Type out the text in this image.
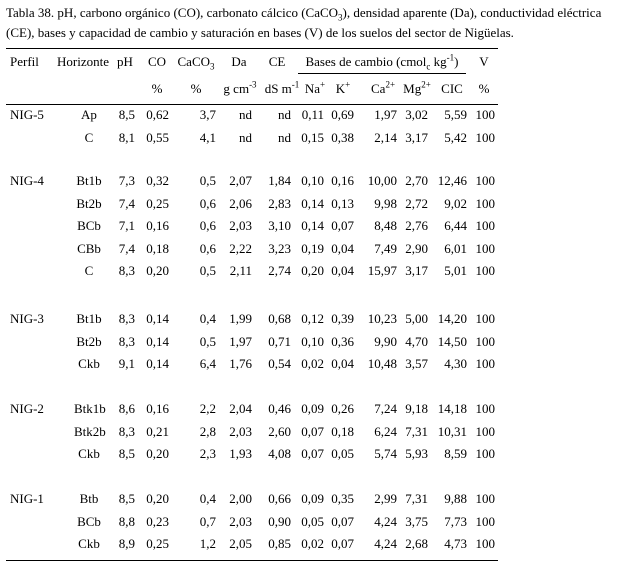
Tabla 38. pH, carbono orgánico (CO), carbonato cálcico (CaCO$_3$), densidad aparente (Da), conductividad eléctrica
(CE), bases y capacidad de cambio y saturación en bases (V) de los suelos del sector de Nigüelas.
Perfil Horizonte pH	CO CaCO$_3$	Da	CE	Bases de cambio (cmol$_c$ $kg^{-1}$)	V
%	%	g $cm^{-3}$ dS $m^{-1}$ Na+ K+	$Ca^{2+}$ $Mg^{2+}$ CIC	%
NIG-5	Ap	8,5 0,62	3,7	nd	nd 0,11 0,69	1,97 3,02	5,59 100
C	8,1 0,55	4,1	nd	nd 0,15 0,38	2,14 3,17	5,42 100
NIG-4 Bt1b	7,3 0,32	0,5	2,07	1,84 0,10 0,16	10,00 2,70 12,46 100
Bt2b	7,4 0,25	0,6	2,06	2,83 0,14 0,13	9,98 2,72	9,02 100
BCb	7,1 0,16	0,6	2,03	3,10 0,14 0,07	8,48 2,76	6,44 100
CBb	7,4 0,18	0,6	2,22	3,23 0,19 0,04	7,49 2,90	6,01 100
C	8,3 0,20	0,5	2,11	2,74 0,20 0,04	15,97 3,17	5,01 100
NIG-3 Bt1b	8,3 0,14	0,4	1,99	0,68 0,12 0,39	10,23 5,00 14,20 100
Bt2b	8,3 0,14	0,5	1,97	0,71 0,10 0,36	9,90 4,70 14,50 100
Ckb	9,1 0,14	6,4	1,76	0,54 0,02 0,04	10,48 3,57	4,30 100
NIG-2 Btk1b 8,6 0,16	2,2	2,04	0,46 0,09 0,26	7,24 9,18 14,18 100
Btk2b 8,3 0,21	2,8	2,03	2,60 0,07 0,18	6,24 7,31 10,31 100
Ckb	8,5 0,20	2,3	1,93	4,08 0,07 0,05	5,74 5,93	8,59 100
NIG-1	Btb	8,5 0,20	0,4	2,00	0,66 0,09 0,35	2,99 7,31	9,88 100
BCb	8,8 0,23	0,7	2,03	0,90 0,05 0,07	4,24 3,75	7,73 100
Ckb	8,9 0,25	1,2	2,05	0,85 0,02 0,07	4,24 2,68	4,73 100
